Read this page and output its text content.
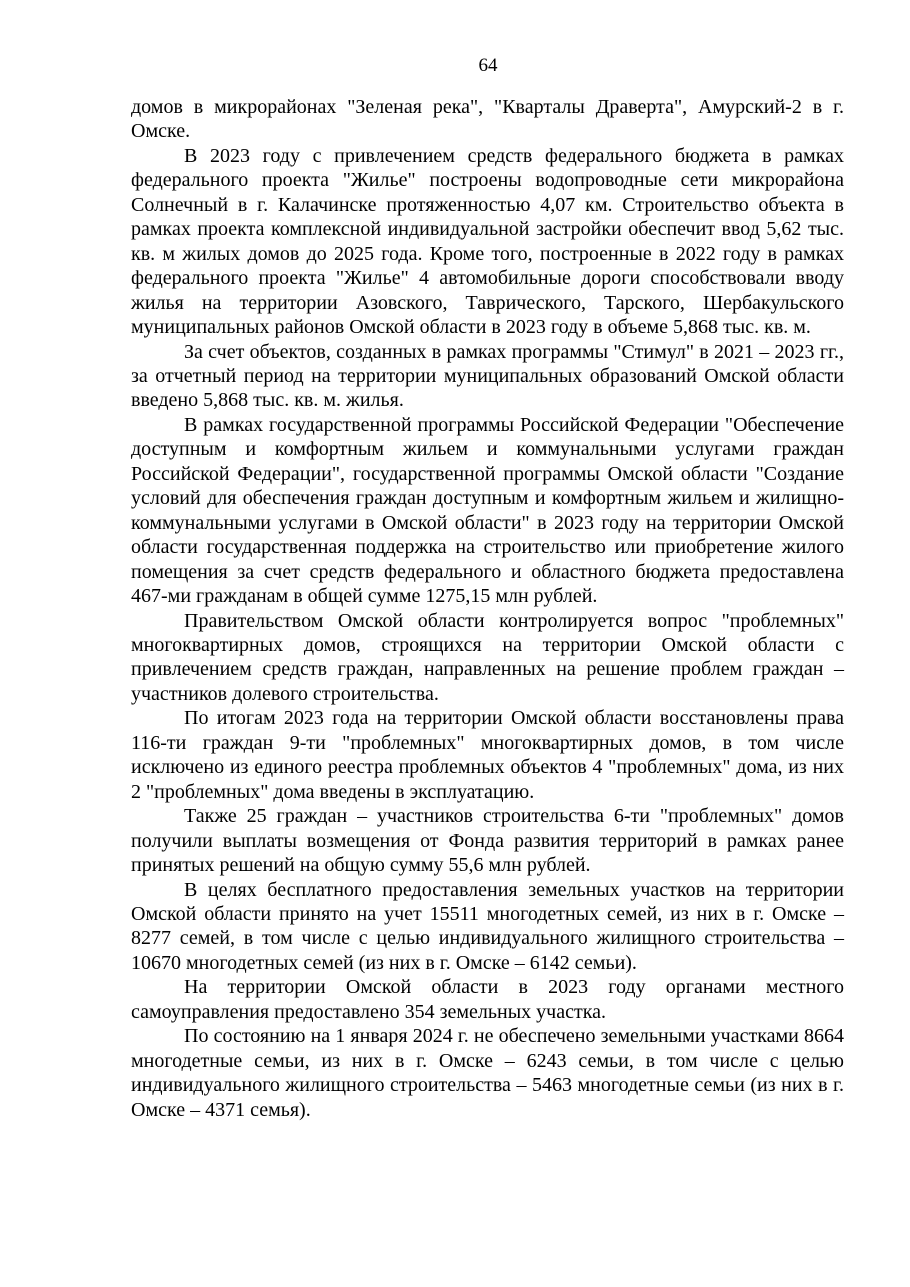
64

домов в микрорайонах "Зеленая река", "Кварталы Драверта", Амурский-2 в г. Омске.

В 2023 году с привлечением средств федерального бюджета в рамках федерального проекта "Жилье" построены водопроводные сети микрорайона Солнечный в г. Калачинске протяженностью 4,07 км. Строительство объекта в рамках проекта комплексной индивидуальной застройки обеспечит ввод 5,62 тыс. кв. м жилых домов до 2025 года. Кроме того, построенные в 2022 году в рамках федерального проекта "Жилье" 4 автомобильные дороги способствовали вводу жилья на территории Азовского, Таврического, Тарского, Шербакульского муниципальных районов Омской области в 2023 году в объеме 5,868 тыс. кв. м.

За счет объектов, созданных в рамках программы "Стимул" в 2021 – 2023 гг., за отчетный период на территории муниципальных образований Омской области введено 5,868 тыс. кв. м. жилья.

В рамках государственной программы Российской Федерации "Обеспечение доступным и комфортным жильем и коммунальными услугами граждан Российской Федерации", государственной программы Омской области "Создание условий для обеспечения граждан доступным и комфортным жильем и жилищно-коммунальными услугами в Омской области" в 2023 году на территории Омской области государственная поддержка на строительство или приобретение жилого помещения за счет средств федерального и областного бюджета предоставлена 467-ми гражданам в общей сумме 1275,15 млн рублей.

Правительством Омской области контролируется вопрос "проблемных" многоквартирных домов, строящихся на территории Омской области с привлечением средств граждан, направленных на решение проблем граждан – участников долевого строительства.

По итогам 2023 года на территории Омской области восстановлены права 116-ти граждан 9-ти "проблемных" многоквартирных домов, в том числе исключено из единого реестра проблемных объектов 4 "проблемных" дома, из них 2 "проблемных" дома введены в эксплуатацию.

Также 25 граждан – участников строительства 6-ти "проблемных" домов получили выплаты возмещения от Фонда развития территорий в рамках ранее принятых решений на общую сумму 55,6 млн рублей.

В целях бесплатного предоставления земельных участков на территории Омской области принято на учет 15511 многодетных семей, из них в г. Омске – 8277 семей, в том числе с целью индивидуального жилищного строительства – 10670 многодетных семей (из них в г. Омске – 6142 семьи).

На территории Омской области в 2023 году органами местного самоуправления предоставлено 354 земельных участка.

По состоянию на 1 января 2024 г. не обеспечено земельными участками 8664 многодетные семьи, из них в г. Омске – 6243 семьи, в том числе с целью индивидуального жилищного строительства – 5463 многодетные семьи (из них в г. Омске – 4371 семья).
